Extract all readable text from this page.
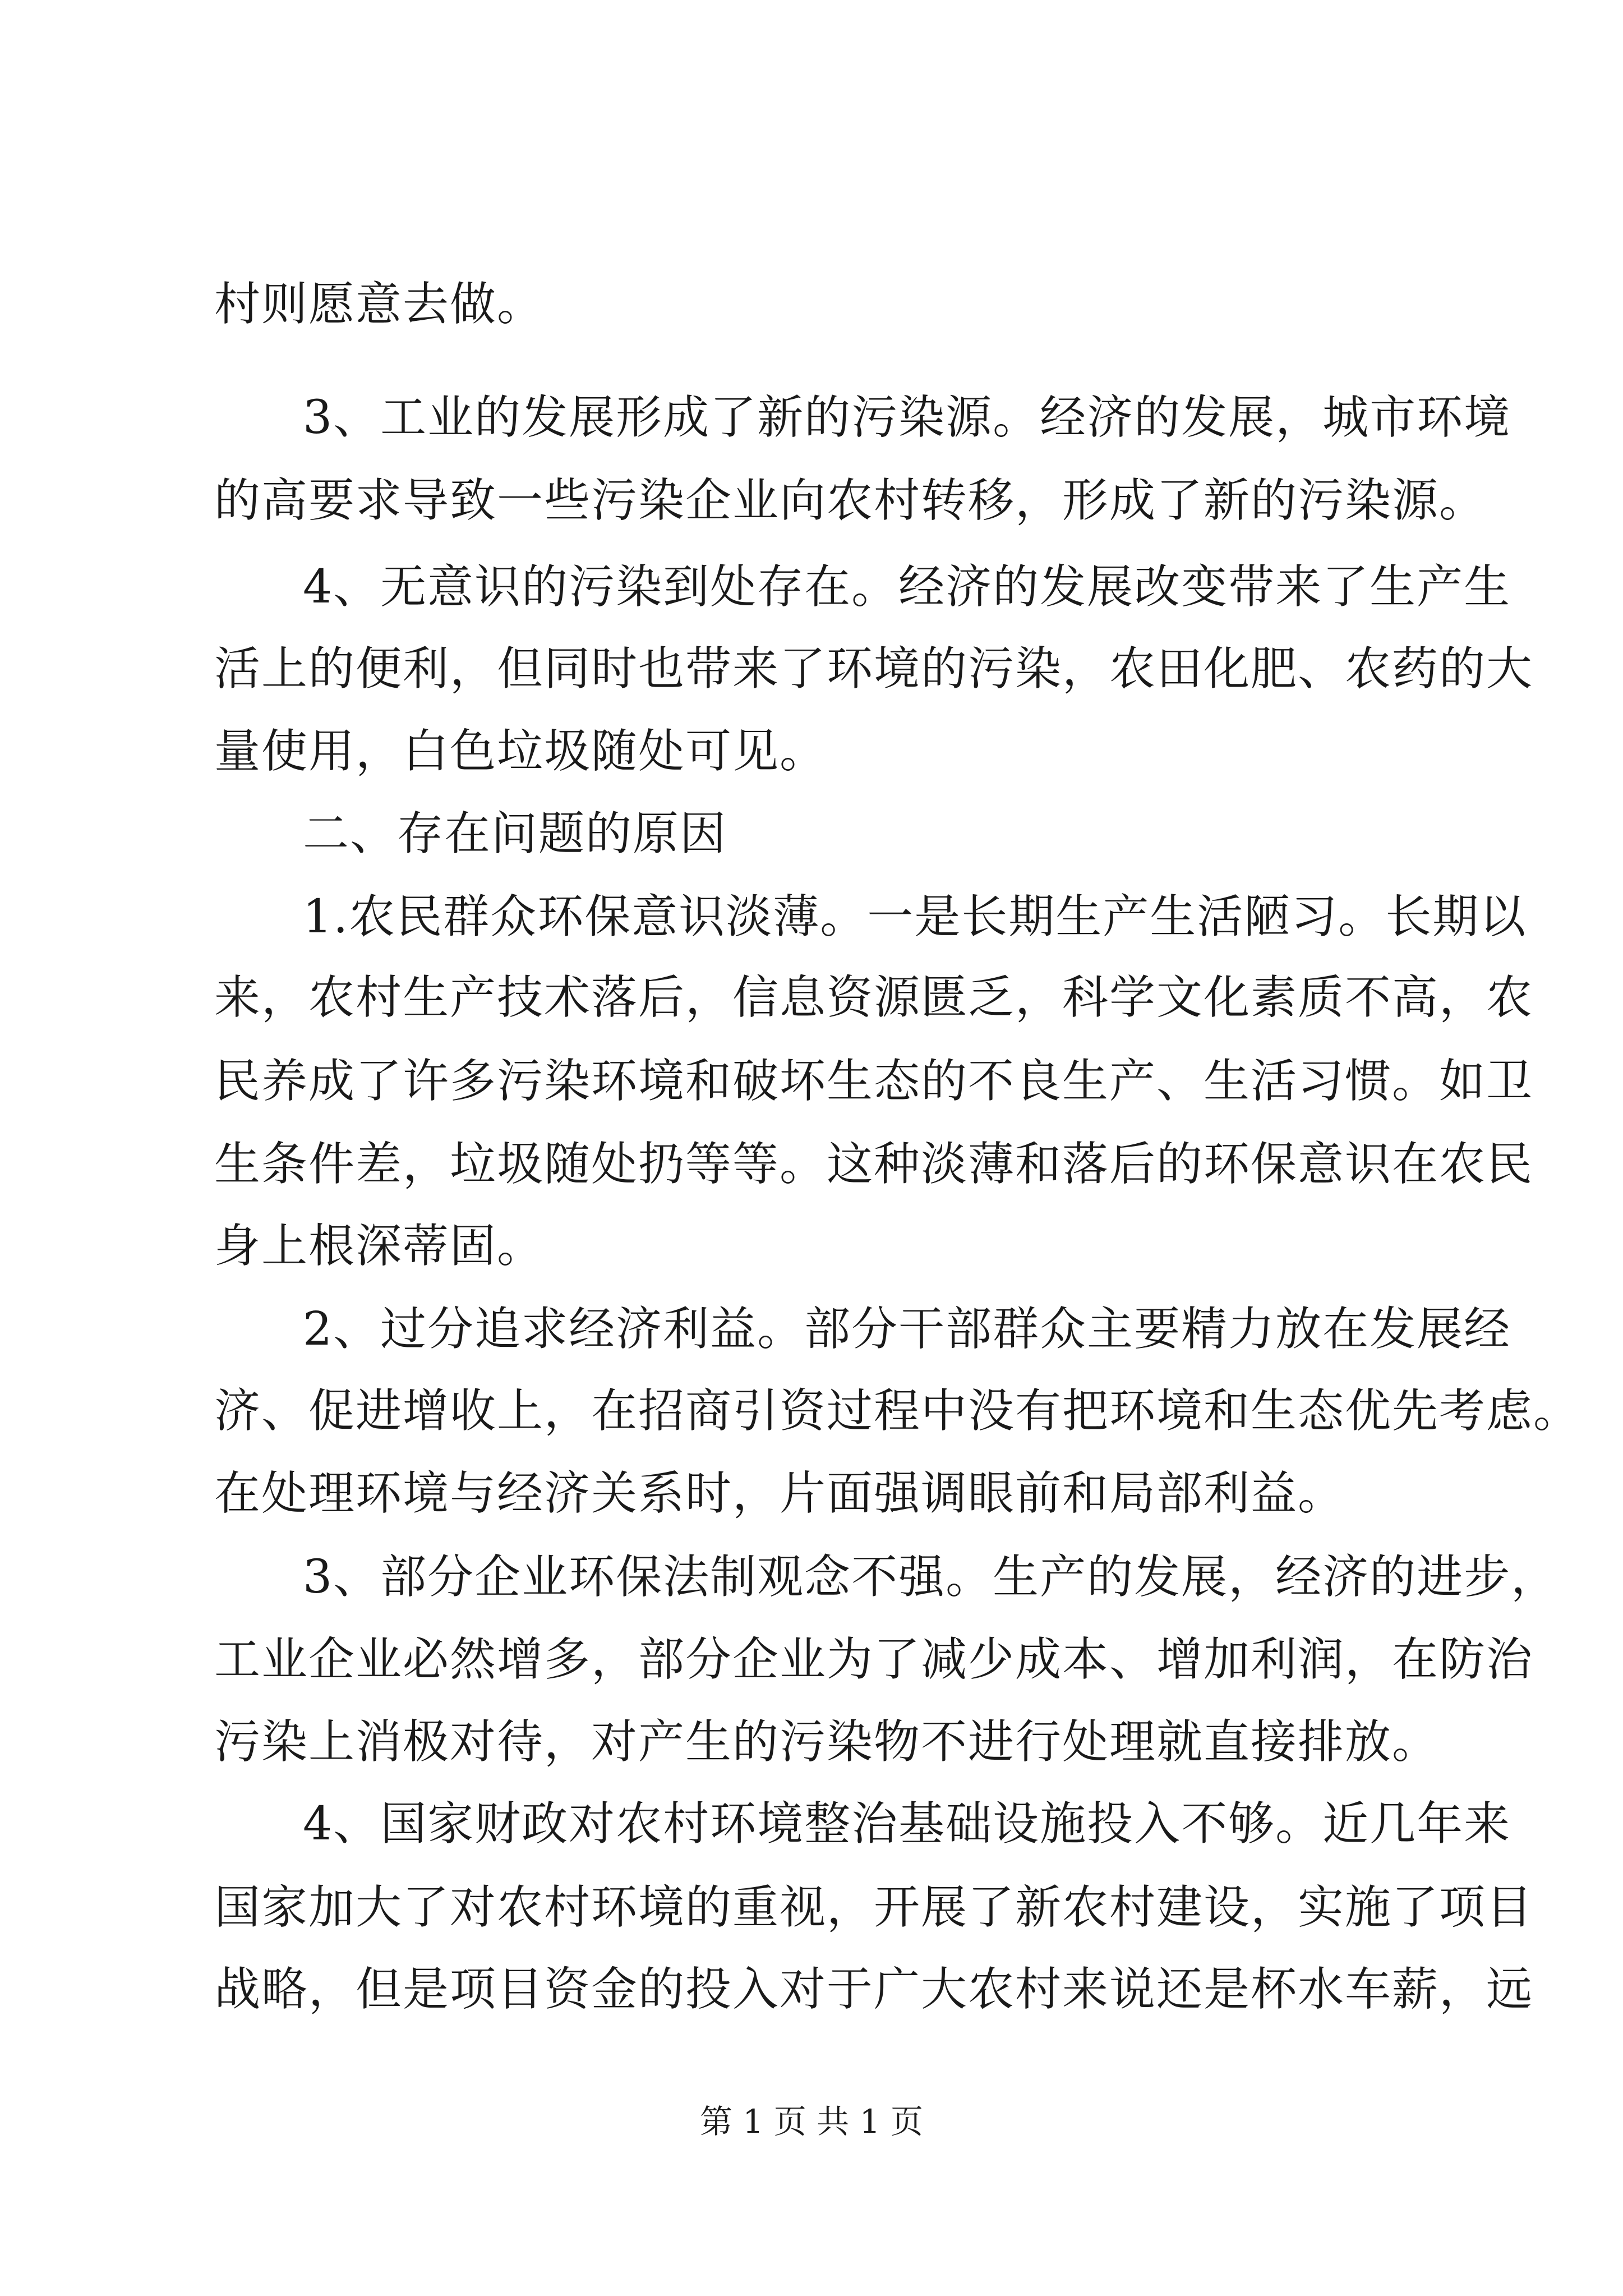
村则愿意去做。
3、工业的发展形成了新的污染源。经济的发展，城市环境
的高要求导致一些污染企业向农村转移，形成了新的污染源。
4、无意识的污染到处存在。经济的发展改变带来了生产生
活上的便利，但同时也带来了环境的污染，农田化肥、农药的大
量使用，白色垃圾随处可见。
二、存在问题的原因
1.农民群众环保意识淡薄。一是长期生产生活陋习。长期以
来，农村生产技术落后，信息资源匮乏，科学文化素质不高，农
民养成了许多污染环境和破坏生态的不良生产、生活习惯。如卫
生条件差，垃圾随处扔等等。这种淡薄和落后的环保意识在农民
身上根深蒂固。
2、过分追求经济利益。部分干部群众主要精力放在发展经
济、促进增收上，在招商引资过程中没有把环境和生态优先考虑。
在处理环境与经济关系时，片面强调眼前和局部利益。
3、部分企业环保法制观念不强。生产的发展，经济的进步，
工业企业必然增多，部分企业为了减少成本、增加利润，在防治
污染上消极对待，对产生的污染物不进行处理就直接排放。
4、国家财政对农村环境整治基础设施投入不够。近几年来
国家加大了对农村环境的重视，开展了新农村建设，实施了项目
战略，但是项目资金的投入对于广大农村来说还是杯水车薪，远
第 1 页 共 1 页
